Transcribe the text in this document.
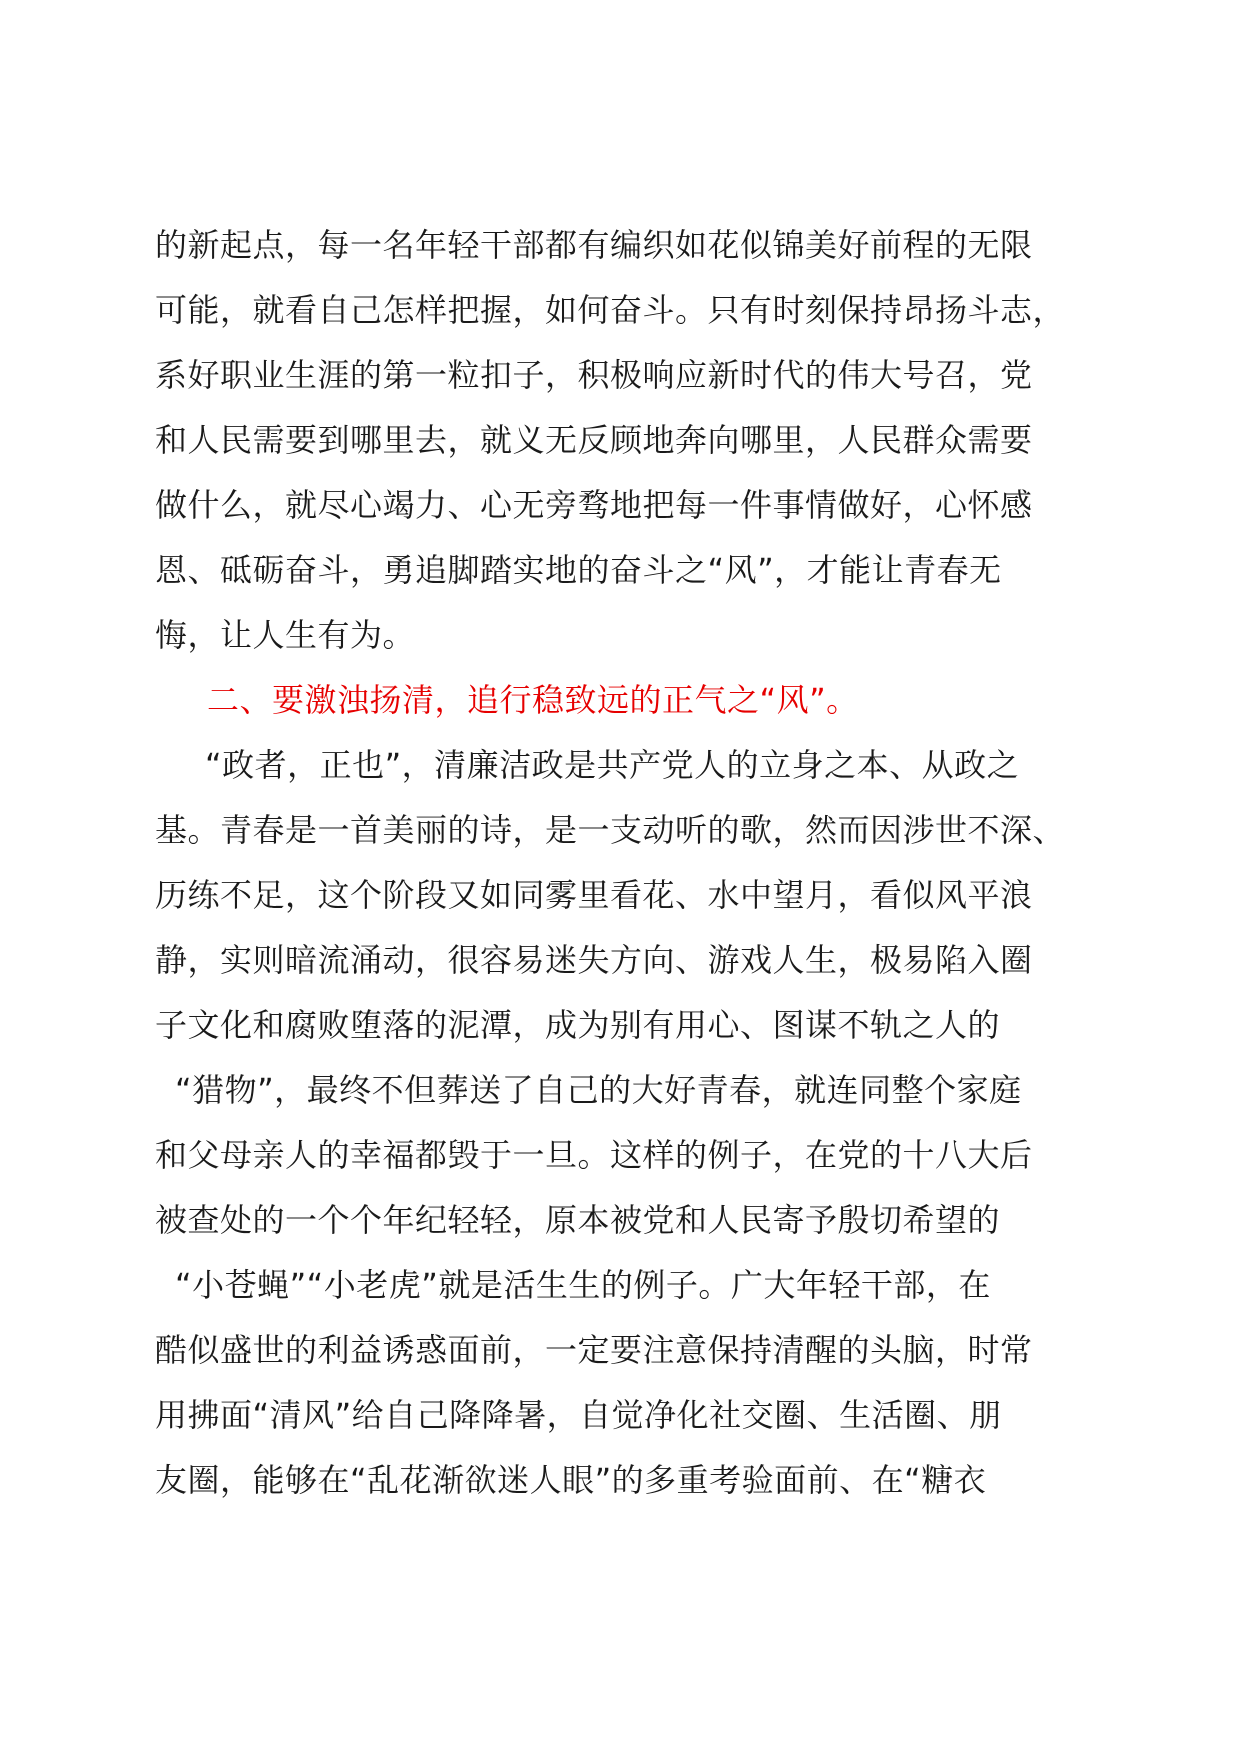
的新起点，每一名年轻干部都有编织如花似锦美好前程的无限
可能，就看自己怎样把握，如何奋斗。只有时刻保持昂扬斗志，
系好职业生涯的第一粒扣子，积极响应新时代的伟大号召，党
和人民需要到哪里去，就义无反顾地奔向哪里，人民群众需要
做什么，就尽心竭力、心无旁骛地把每一件事情做好，心怀感
恩、砥砺奋斗，勇追脚踏实地的奋斗之“风”，才能让青春无
悔，让人生有为。
二、要激浊扬清，追行稳致远的正气之“风”。
“政者，正也”，清廉洁政是共产党人的立身之本、从政之
基。青春是一首美丽的诗，是一支动听的歌，然而因涉世不深、
历练不足，这个阶段又如同雾里看花、水中望月，看似风平浪
静，实则暗流涌动，很容易迷失方向、游戏人生，极易陷入圈
子文化和腐败堕落的泥潭，成为别有用心、图谋不轨之人的
“猎物”，最终不但葬送了自己的大好青春，就连同整个家庭
和父母亲人的幸福都毁于一旦。这样的例子，在党的十八大后
被查处的一个个年纪轻轻，原本被党和人民寄予殷切希望的
“小苍蝇”“小老虎”就是活生生的例子。广大年轻干部，在
酷似盛世的利益诱惑面前，一定要注意保持清醒的头脑，时常
用拂面“清风”给自己降降暑，自觉净化社交圈、生活圈、朋
友圈，能够在“乱花渐欲迷人眼”的多重考验面前、在“糖衣
